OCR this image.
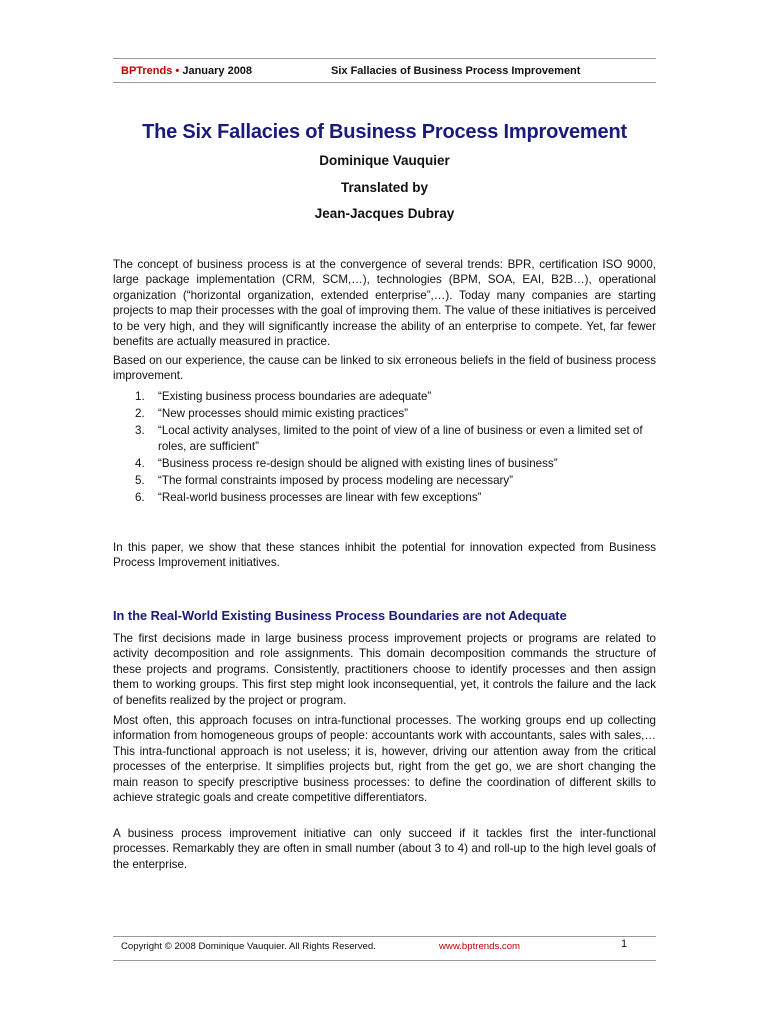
BPTrends • January 2008	Six Fallacies of Business Process Improvement
The Six Fallacies of Business Process Improvement
Dominique Vauquier
Translated by
Jean-Jacques Dubray
The concept of business process is at the convergence of several trends: BPR, certification ISO 9000, large package implementation (CRM, SCM,…), technologies (BPM, SOA, EAI, B2B…), operational organization (“horizontal organization, extended enterprise”,…). Today many companies are starting projects to map their processes with the goal of improving them. The value of these initiatives is perceived to be very high, and they will significantly increase the ability of an enterprise to compete. Yet, far fewer benefits are actually measured in practice.
Based on our experience, the cause can be linked to six erroneous beliefs in the field of business process improvement.
1. “Existing business process boundaries are adequate”
2. “New processes should mimic existing practices”
3. “Local activity analyses, limited to the point of view of a line of business or even a limited set of roles, are sufficient”
4. “Business process re-design should be aligned with existing lines of business”
5. “The formal constraints imposed by process modeling are necessary”
6. “Real-world business processes are linear with few exceptions”
In this paper, we show that these stances inhibit the potential for innovation expected from Business Process Improvement initiatives.
In the Real-World Existing Business Process Boundaries are not Adequate
The first decisions made in large business process improvement projects or programs are related to activity decomposition and role assignments. This domain decomposition commands the structure of these projects and programs. Consistently, practitioners choose to identify processes and then assign them to working groups. This first step might look inconsequential, yet, it controls the failure and the lack of benefits realized by the project or program.
Most often, this approach focuses on intra-functional processes. The working groups end up collecting information from homogeneous groups of people: accountants work with accountants, sales with sales,… This intra-functional approach is not useless; it is, however, driving our attention away from the critical processes of the enterprise. It simplifies projects but, right from the get go, we are short changing the main reason to specify prescriptive business processes: to define the coordination of different skills to achieve strategic goals and create competitive differentiators.
A business process improvement initiative can only succeed if it tackles first the inter-functional processes. Remarkably they are often in small number (about 3 to 4) and roll-up to the high level goals of the enterprise.
Copyright © 2008 Dominique Vauquier. All Rights Reserved.	www.bptrends.com	1
